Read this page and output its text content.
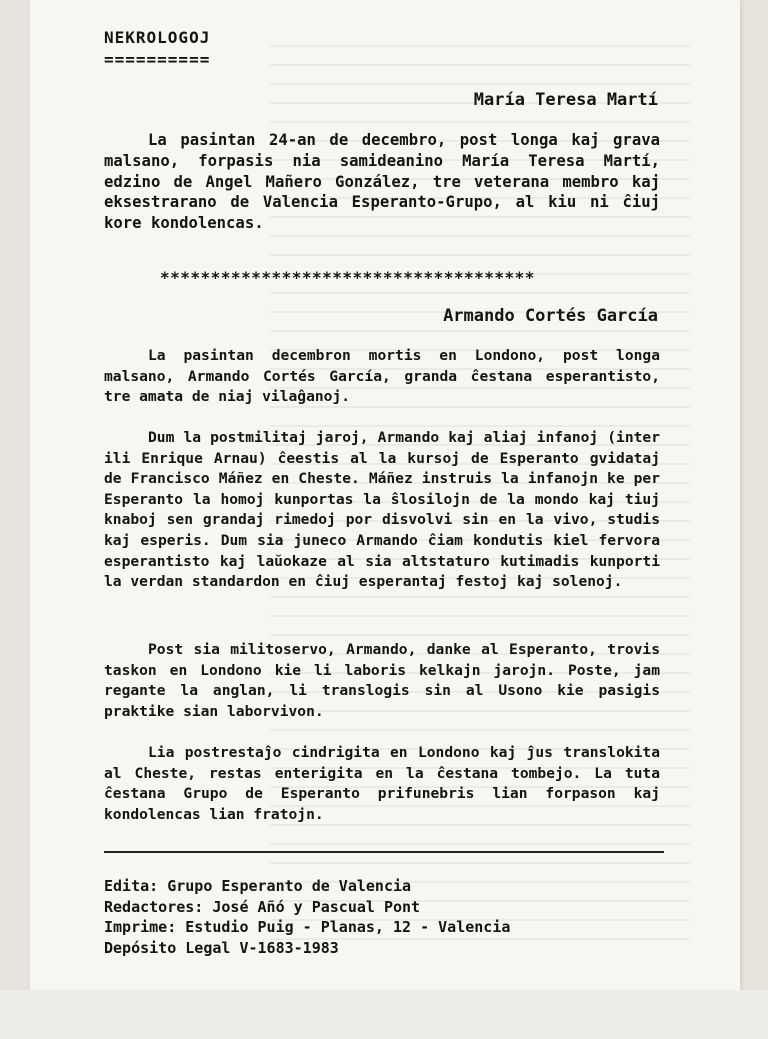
NEKROLOGOJ
==========
María Teresa Martí
La pasintan 24-an de decembro, post longa kaj grava malsano, forpasis nia samideanino María Teresa Martí, edzino de Angel Mañero González, tre veterana membro kaj eksestrarano de Valencia Esperanto-Grupo, al kiu ni ĉiuj kore kondolencas.
*************************************
Armando Cortés García
La pasintan decembron mortis en Londono, post longa malsano, Armando Cortés García, granda ĉestana esperantisto, tre amata de niaj vilaĝanoj.
Dum la postmilitaj jaroj, Armando kaj aliaj infanoj (inter ili Enrique Arnau) ĉeestis al la kursoj de Esperanto gvidataj de Francisco Máñez en Cheste. Máñez instruis la infanojn ke per Esperanto la homoj kunportas la ŝlosilojn de la mondo kaj tiuj knaboj sen grandaj rimedoj por disvolvi sin en la vivo, studis kaj esperis. Dum sia juneco Armando ĉiam kondutis kiel fervora esperantisto kaj laŭokaze al sia altstaturo kutimadis kunporti la verdan standardon en ĉiuj esperantaj festoj kaj solenoj.
Post sia militoservo, Armando, danke al Esperanto, trovis taskon en Londono kie li laboris kelkajn jarojn. Poste, jam regante la anglan, li translogis sin al Usono kie pasigis praktike sian laborvivon.
Lia postrestaĵo cindrigita en Londono kaj ĵus translokita al Cheste, restas enterigita en la ĉestana tombejo. La tuta ĉestana Grupo de Esperanto prifunebris lian forpason kaj kondolencas lian fratojn.
Edita: Grupo Esperanto de Valencia
Redactores: José Añó y Pascual Pont
Imprime: Estudio Puig - Planas, 12 - Valencia
Depósito Legal V-1683-1983
